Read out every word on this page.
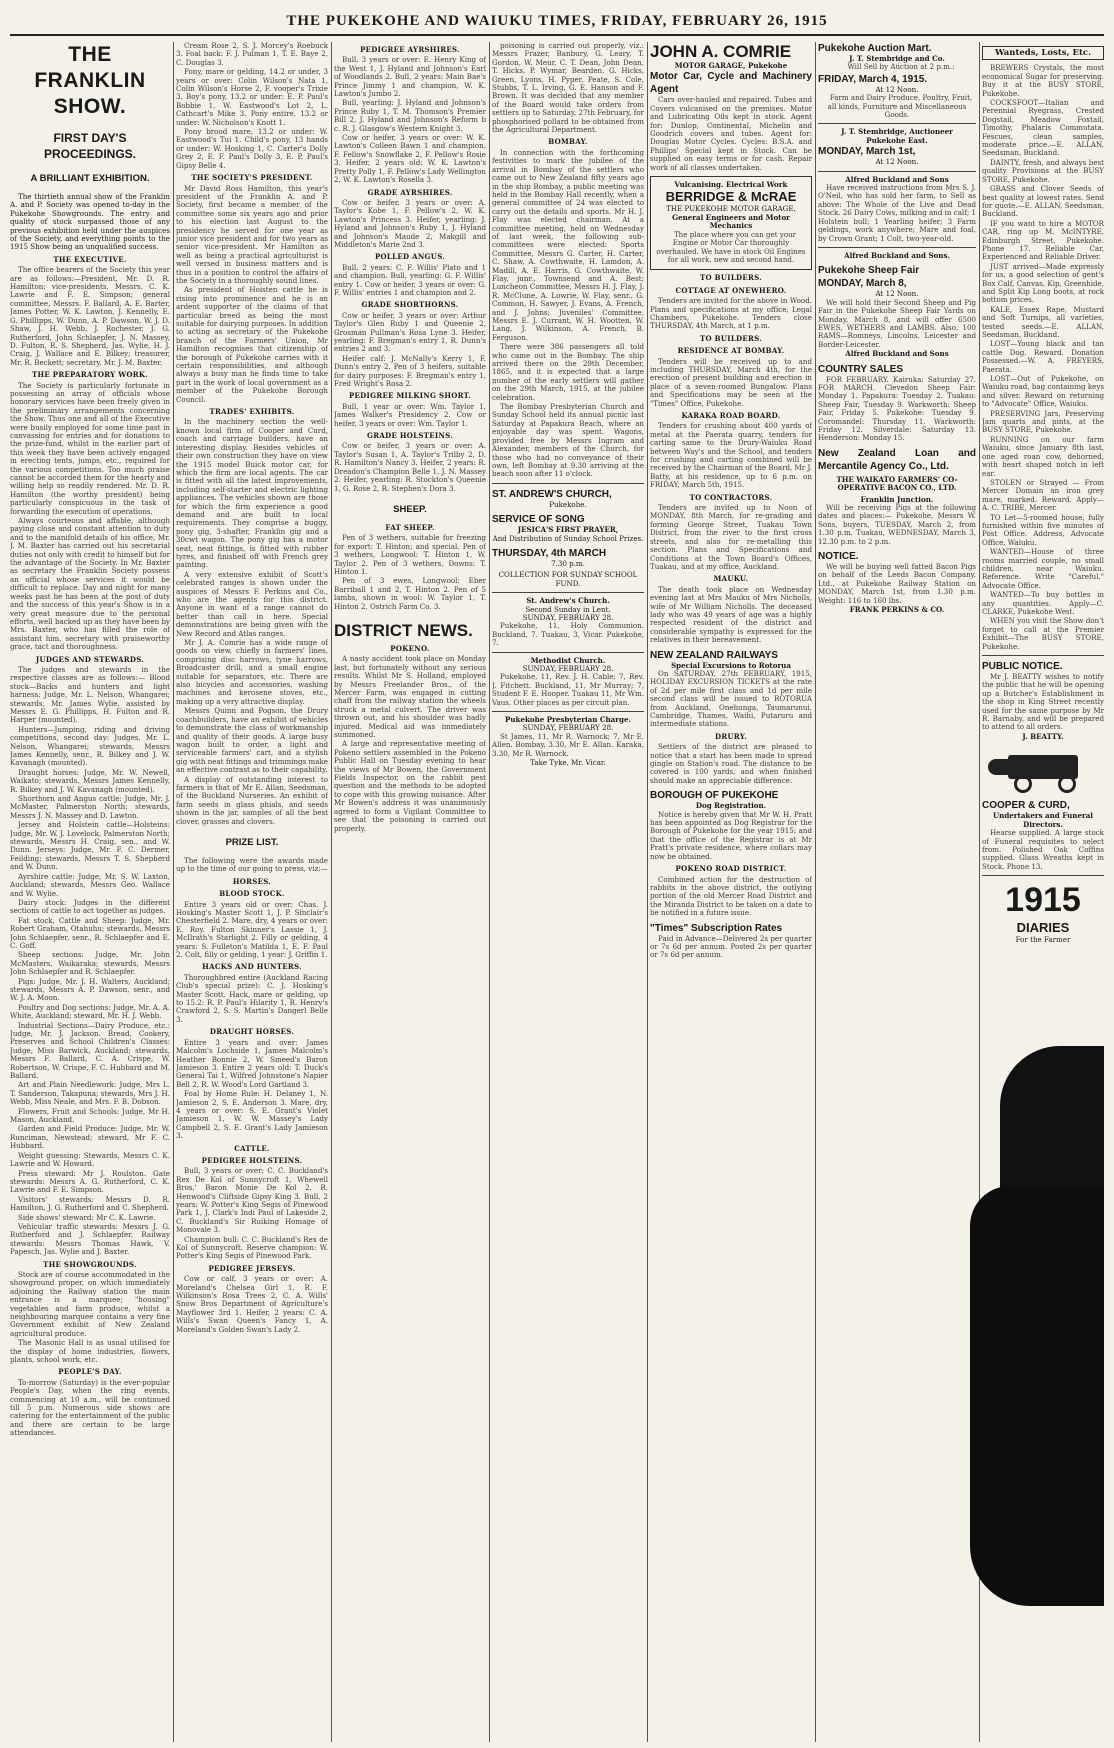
THE PUKEKOHE AND WAIUKU TIMES, FRIDAY, FEBRUARY 26, 1915
THE FRANKLIN SHOW.
FIRST DAY'S PROCEEDINGS.
A BRILLIANT EXHIBITION.

The thirtieth annual show of the Franklin A. and P. Society was opened to-day in the Pukekohe Showgrounds. The entry and quality of stock surpassed those of any previous exhibition held under the auspices of the Society, and everything points to the 1915 Show being an unqualified success.

THE EXECUTIVE.

The office bearers of the Society this year are as follows:—President, Mr. D. R. Hamilton; vice-presidents, Messrs. C. K. Lawrie and F. E. Simpson; general committee, Messrs. F. Ballard, A. E. Barter, James Potter, W. K. Lawton, J. Kennelly, E. G. Phillipps, W. Dunn, A. P. Dawson, W. J. D. Shaw, J. H. Webb, J. Rochester, J. G. Rutherford, John Schlaepfer, J. N. Massey, D. Fulton, R. S. Shepherd, Jas. Wylie, H. J. Craig, J. Wallace and E. Bilkey; treasurer, Mr. R. Beckett; secretary, Mr. J. M. Baxter.

THE PREPARATORY WORK.

The Society is particularly fortunate in possessing an array of officials whose honorary services have been freely given in the preliminary arrangements concerning the Show. Thus one and all of the Executive were busily employed for some time past in canvassing for entries and for donations to the prize-fund, whilst in the earlier part of this week they have been actively engaged in erecting tents, jumps, etc., required for the various competitions. Too much praise cannot be accorded them for the hearty and willing help so readily rendered. Mr. D. R. Hamilton (the worthy president) being particularly conspicuous in the task of forwarding the execution of operations.

Always courteous and affable, although paying close and constant attention to duty and to the manifold details of his office, Mr. J. M. Baxter has carried out his secretarial duties not only with credit to himself but for the advantage of the Society. In Mr. Baxter as secretary the Franklin Society possess an official whose services it would be difficult to replace. Day and night for many weeks past he has been at the post of duty and the success of this year's Show is in a very great measure due to the personal efforts, well backed up as they have been by Mrs. Baxter, who has filled the role of assistant him, secretary with praiseworthy grace, tact and thoroughness.

JUDGES AND STEWARDS.

The judges and stewards in the respective classes are as follows:— Blood stock—Backs and hunters and light harness: Judge, Mr. L. Nelson, Whangarei; stewards, Mr. James Wylie, assisted by Messrs E. G. Phillipps, H. Fulton and R. Harper (mounted).

Hunters—Jumping, riding and driving competitions, second day: Judges, Mr. L. Nelson, Whangarei; stewards, Messrs James Kennelly, senr., R. Bilkey and J. W. Kavanagh (mounted).

Draught horses: Judge, Mr. W. Newell, Waikato; stewards, Messrs James Kennelly, R. Bilkey and J. W. Kavanagh (mounted).

Shorthorn and Angus cattle: Judge, Mr. J. McMaster, Palmerston North; stewards, Messrs J. N. Massey and D. Lawton.

Jersey and Holstein cattle—Holsteins: Judge, Mr. W. J. Lovelock, Palmerston North; stewards, Messrs H. Craig, sen., and W. Dunn. Jerseys: Judge, Mr. F. C. Dermer, Feilding; stewards, Messrs T. S. Shepherd and W. Dunn.

Ayrshire cattle: Judge, Mr. S. W. Laxton, Auckland; stewards, Messrs Geo. Wallace and W. Wylie.

Dairy stock: Judges in the different sections of cattle to act together as judges.

Fat stock, Cattle and Sheep: Judge, Mr. Robert Graham, Otahuhu; stewards, Messrs John Schlaepfer, senr., R. Schlaepfer and E. C. Goff.

Sheep sections: Judge, Mr. John McMasters, Waikaraka; stewards, Messrs John Schlaepfer and R. Schlaepfer.

Pigs: Judge, Mr. J. H. Walters, Auckland; stewards, Messrs A. P. Dawson, senr., and W. J. A. Moon.

Poultry and Dog sections: Judge, Mr. A. A. White, Auckland; steward, Mr. H. J. Webb.

Industrial Sections—Dairy Produce, etc.: Judge, Mr. J. Jackson. Bread, Cookery, Preserves and School Children's Classes: Judge, Miss Barwick, Auckland; stewards, Messrs F. Ballard, C. A. Crispe, W. Robertson, W. Crispe, F. C. Hubbard and M. Ballard.

Art and Plain Needlework: Judge, Mrs L. T. Sanderson, Takapuna; stewards, Mrs J. H. Webb, Miss Neale, and Mrs. F. B. Dobson.

Flowers, Fruit and Schools: Judge, Mr H. Mason, Auckland.

Garden and Field Produce: Judge, Mr. W. Runciman, Newstead; steward, Mr F. C. Hubbard.

Weight guessing: Stewards, Messrs C. K. Lawrie and W. Howard.

Press steward: Mr J. Roulston. Gate stewards: Messrs A. G. Rutherford, C. K. Lawrie and F. E. Simpson.

Visitors' stewards: Messrs D. R. Hamilton, J. G. Rutherford and C. Shepherd.

Side shows' steward: Mr C. K. Lawrie.

Vehicular traffic stewards: Messrs J. G. Rutherford and J. Schlaepfer. Railway stewards: Messrs Thomas Hawk, V. Papesch, Jas. Wylie and J. Baxter.

THE SHOWGROUNDS.

Stock are of course accommodated in the showground proper, on which immediately adjoining the Railway station the main entrance is a marquee; "housing" vegetables and farm produce, whilst a neighbouring marquee contains a very fine Government exhibit of New Zealand agricultural produce.

The Masonic Hall is as usual utilised for the display of home industries, flowers, plants, school work, etc.

PEOPLE'S DAY.

To-morrow (Saturday) is the ever-popular People's Day, when the ring events, commencing at 10 a.m., will be continued till 5 p.m. Numerous side shows are catering for the entertainment of the public and there are certain to be large attendances.

Cream Rose 2, S. J. Morcey's Roebuck 3. Foal back: F. J. Pulman 1, T. E. Baye 2, C. Douglas 3.

Pony, mare or gelding, 14.2 or under, 3 years or over: Colin Wilson's Nata 1, Colin Wilson's Horse 2, F. vooper's Trixie 3. Boy's pony, 13.2 or under: E. P. Paul's Bobbie 1, W. Eastwood's Lot 2, L. Cathcart's Mike 3. Pony entire, 13.2 or under: W. Nicholson's Knott 1.

Pony brood mare, 13.2 or under: W. Eastwood's Tui 1. Child's pony, 13 hands or under: W. Hosking 1, C. Carter's Dolly Grey 2, E. F. Paul's Dolly 3, E. P. Paul's Gipsy Belle 4.

THE SOCIETY'S PRESIDENT.

Mr David Ross Hamilton, this year's president of the Franklin A. and P. Society, first became a member of the committee some six years ago and prior to his election last August to the presidency he served for one year as junior vice president and for two years as senior vice-president. Mr Hamilton as well as being a practical agriculturist is well versed in business matters and is thus in a position to control the affairs of the Society in a thoroughly sound lines.

As president of Hoisten cattle he is rising into prominence and he is an ardent supporter of the claims of that particular breed as being the most suitable for dairying purposes. In addition to acting as secretary of the Pukekohe branch of the Farmers' Union, Mr Hamilton recognises that citizenship of the borough of Pukekohe carries with it certain responsibilities, and although always a busy man he finds time to take part in the work of local government as a member of the Pukekohe Borough Council.

TRADES' EXHIBITS.

In the machinery section the well-known local firm of Cooper and Curd, coach and carriage builders, have an interesting display. Besides vehicles of their own construction they have on view the 1915 model Buick motor car, for which the firm are local agents. The car is fitted with all the latest improvements, including self-starter and electric lighting appliances. The vehicles shown are those for which the firm experience a good demand and are built to local requirements. They comprise a buggy, pony gig, 3-shafter, Franklin gig and a 30cwt wagon. The pony gig has a motor seat, neat fittings, is fitted with rubber tyres, and finished off with French grey painting.

A very extensive exhibit of Scott's celebrated ranges is shown under the auspices of Messrs F. Perkins and Co., who are the agents for this district. Anyone in want of a range cannot do better than call in here. Special demonstrations are being given with the New Record and Atlas ranges.

Mr J. A. Comrie has a wide range of goods on view, chiefly in farmers' lines, comprising disc harrows, tyne harrows, Broadcaster drill, and a small engine suitable for separators, etc. There are also bicycles and accessories, washing machines and kerosene stoves, etc., making up a very attractive display.

Messrs Quinn and Pogson, the Drury coachbuilders, have an exhibit of vehicles to demonstrate the class of workmanship and quality of their goods. A large busy wagon built to order, a light and serviceable farmers' cart, and a stylish gig with neat fittings and trimmings make an effective contrast as to their capability.

A display of outstanding interest to farmers is that of Mr E. Allan, Seedsman, of the Buckland Nurseries. An exhibit of farm seeds in glass phials, and seeds shown in the jar, samples of all the best clover, grasses and clovers.

PRIZE LIST.

The following were the awards made up to the time of our going to press, viz:—

HORSES.
BLOOD STOCK.

Entire 3 years old or over: Chas. J. Hosking's Master Scott 1, J. P. Sinclair's Chesterfield 2. Mare, dry, 4 years or over: E. Roy. Fulton Skinner's Lassie 1, J. McIlrath's Starlight 2. Filly or gelding, 4 years: S. Fulleton's Matilda 1, E. F. Paul 2. Colt, filly or gelding, 1 year: J. Griffin 1.

HACKS AND HUNTERS.

Thoroughbred entire (Auckland Racing Club's special prize): C. J. Hosking's Master Scott. Hack, mare or gelding, up to 15.2: R. P. Paul's Hilarity 1, R. Henry's Crawford 2, S. S. Martin's Dangerl Belle 3.

DRAUGHT HORSES.

Entire 3 years and over: James Malcolm's Lochside 1, James Malcolm's Heather Bonnie 2, W. Smeed's Baron Jamieson 3. Entire 2 years old: T. Duck's General Tai 1, Wilfred Johnstone's Napier Bell 2, R. W. Wood's Lord Gartland 3.

Foal by Home Rule: H. Delaney 1, N. Jamieson 2, S. E. Anderson 3. Mare, dry, 4 years or over: S. E. Grant's Violet Jamieson 1, W. W. Massey's Lady Campbell 2, S. E. Grant's Lady Jamieson 3.

CATTLE.
PEDIGREE HOLSTEINS.

Bull, 3 years or over: C. C. Buckland's Rex De Kol of Sunnycroft 1, Whewell Bros.' Baron Monie De Kol 2. R. Henwood's Cliftside Gipsy King 3. Bull, 2 years: W. Potter's King Segis of Pinewood Park 1, J. Clark's Indi Paul of Lakeside 2, C. Buckland's Sir Ruiking Homage of Monovale 3.

Champion bull: C. C. Buckland's Rex de Kol of Sunnycroft. Reserve champion: W. Potter's King Segis of Pinewood Park.

PEDIGREE JERSEYS.

Cow or calf, 3 years or over: A. Moreland's Chelsea Girl 1, R. F. Wilkinson's Rosa Trees 2, C. A. Wills' Snow Bros Department of Agriculture's Mayflower 3rd 1. Heifer, 2 years: C. A. Wills's Swan Queen's Fancy 1, A. Moreland's Golden Swan's Lady 2.

PEDIGREE AYRSHIRES.

Bull, 3 years or over: E. Henry King of the West 1, J. Hyland and Johnson's Earl of Woodlands 2. Bull, 2 years: Main Bae's Prince Jimmy 1 and champion, W. K. Lawton's Jumbo 2.

Bull, yearling: J. Hyland and Johnson's Prince Ruby 1, T. M. Thomson's Premier Bill 2, J. Hyland and Johnson's Reform b c. R. J. Glasgow's Western Knight 3.

Cow or heifer, 3 years or over: W. K. Lawton's Colleen Bawn 1 and champion, F. Fellow's Snowflake 2, F. Pellow's Rosie 3. Heifer, 2 years old: W. K. Lawton's Pretty Polly 1, F. Pellow's Lady Wellington 2, W. K. Lawton's Rosella 3.

GRADE AYRSHIRES.

Cow or heifer, 3 years or over: A. Taylor's Kobe 1, F. Pellow's 2, W. K. Lawton's Princess 3. Heifer, yearling: J. Hyland and Johnson's Ruby 1, J. Hyland and Johnson's Maude 2, Makgill and Middleton's Marie 2nd 3.

POLLED ANGUS.

Bull, 2 years: C. F. Willis' Plato and 1 and champion. Bull, yearling: G. F. Willis' entry 1. Cow or heifer, 3 years or over: G. F. Willis' entries 1 and champion and 2.

GRADE SHORTHORNS.

Cow or heifer, 3 years or over: Arthur Taylor's Glen Ruby 1 and Queenie 2, Grosman Pullman's Rosa Lyne 3. Heifer, yearling: F. Bregman's entry 1, R. Dunn's entries 2 and 3.

Heifer calf: J. McNally's Kerry 1, F. Dunn's entry 2. Pen of 3 heifers, suitable for dairy purposes: F. Bregman's entry 1, Fred Wright's Rosa 2.

PEDIGREE MILKING SHORT.

Bull, 1 year or over: Wm. Taylor 1, James Walker's Presidency 2. Cow or heifer, 3 years or over: Wm. Taylor 1.

GRADE HOLSTEINS.

Cow or heifer, 3 years or over: A. Taylor's Susan 1, A. Taylor's Trilby 2, D. R. Hamilton's Nancy 3. Heifer, 2 years: R. Dreadon's Champion Belle 1, J. N. Massey 2. Heifer, yearling: R. Stockton's Queenie 1, G. Rose 2, R. Stephen's Dora 3.

SHEEP.
FAT SHEEP.

Pen of 3 wethers, suitable for freezing for export: T. Hinton; and special. Pen of 3 wethers, Longwool: T. Hinton 1, W. Taylor 2. Pen of 3 wethers, Downs: T. Hinton 1.

Pen of 3 ewes, Longwool: Eber Barriball 1 and 2, T. Hinton 2. Pen of 5 lambs, shown in wool: W. Taylor 1, T. Hinton 2, Ostrich Farm Co. 3.

DISTRICT NEWS.
POKENO.

A nasty accident took place on Monday last, but fortunately without any serious results. Whilst Mr S. Holland, employed by Messrs Freelander Bros., of the Mercer Farm, was engaged in cutting chaff from the railway station the wheels struck a metal culvert. The driver was thrown out, and his shoulder was badly injured. Medical aid was immediately summoned.

A large and representative meeting of Pokeno settlers assembled in the Pokeno Public Hall on Tuesday evening to hear the views of Mr Bowen, the Government Fields Inspector, on the rabbit pest question and the methods to be adopted to cope with this growing nuisance. After Mr Bowen's address it was unanimously agreed to form a Vigilant Committee to see that the poisoning is carried out properly.

poisoning is carried out properly, viz.: Messrs Frazer, Banbury, G. Leary, T. Gordon, W. Meur, C. T. Dean, John Dean, T. Hicks, P. Wymar, Bearden, G. Hicks, Green, Lyons, H. Pyper, Peate, S. Cole, Stubbs, T. L. Irving, G. E. Hanson and F. Brown. It was decided that any member of the Board would take orders from settlers up to Saturday, 27th February, for phosphorised pollard to be obtained from the Agricultural Department.

BOMBAY.

In connection with the forthcoming festivities to mark the jubilee of the arrival in Bombay of the settlers who came out to New Zealand fifty years ago in the ship Bombay, a public meeting was held in the Bombay Hall recently, when a general committee of 24 was elected to carry out the details and sports. Mr H. J. Flay was elected chairman. At a committee meeting, held on Wednesday of last week, the following sub-committees were elected: Sports Committee, Messrs G. Carter, H. Carter, C. Shaw, A. Cowthwaite, H. Lamdon, A. Madill, A. E. Harris, G. Cowthwaite, W. Flay, junr., Townsend and A. Best; Luncheon Committee, Messrs H. J. Flay, J. R. McClune, A. Lowrie, W. Flay, senr., G. Common, H. Sawyer, J. Evans, A. French, and J. Johns; Juveniles' Committee, Messrs E. J. Currant, W. H. Wootten, W. Lang, J. Wilkinson, A. French, B. Ferguson.

There were 386 passengers all told who came out in the Bombay. The ship arrived there on the 29th December, 1865, and it is expected that a large number of the early settlers will gather on the 29th March, 1915, at the jubilee celebration.

The Bombay Presbyterian Church and Sunday School held its annual picnic last Saturday at Papakura Beach, where an enjoyable day was spent. Wagons, provided free by Messrs Ingram and Alexander, members of the Church, for those who had no conveyance of their own, left Bombay at 9.30 arriving at the beach soon after 11 o'clock.

ST. ANDREW'S CHURCH,
Pukekohe.
SERVICE OF SONG
JESICA'S FIRST PRAYER,
And Distribution of Sunday School Prizes.
THURSDAY, 4th MARCH
7.30 p.m.
COLLECTION FOR SUNDAY SCHOOL FUND.
St. Andrew's Church.
Second Sunday in Lent.
SUNDAY, FEBRUARY 28.

Pukekohe, 11, Holy Communion. Buckland, 7. Tuakau, 3, Vicar. Pukekohe, 7.

Methodist Church.
SUNDAY, FEBRUARY 28.

Pukekohe, 11, Rev. J. H. Cable; 7, Rev. J. Fitchett. Buckland, 11, Mr Murray; 7, Student F. E. Hooper. Tuakau 11, Mr Wm. Vaus. Other places as per circuit plan.

Pukekohe Presbyterian Charge.
SUNDAY, FEBRUARY 28.

St James, 11, Mr R. Warnock; 7, Mr E. Allen. Bombay, 3.30, Mr E. Allan. Karaka, 3.30, Mr R. Warnock.

Take Tyke, Mr. Vicar.
JOHN A. COMRIE
MOTOR GARAGE, Pukekohe
Motor Car, Cycle and Machinery Agent

Cars over-hauled and repaired. Tubes and Covers vulcanised on the premises. Motor and Lubricating Oils kept in stock. Agent for: Dunlop, Continental, Michelin and Goodrich covers and tubes. Agent for: Douglas Motor Cycles. Cycles: B.S.A. and Phillips' Special kept in Stock. Can be supplied on easy terms or for cash. Repair work of all classes undertaken.

Vulcanising. Electrical Work
BERRIDGE & McRAE
THE PUKEKOHE MOTOR GARAGE,
General Engineers and Motor Mechanics

The place where you can get your Engine or Motor Car thoroughly overhauled. We have in stock Oil Engines for all work, new and second hand.

TO BUILDERS.
COTTAGE AT ONEWHERO.

Tenders are invited for the above in Wood. Plans and specifications at my office, Legal Chambers, Pukekohe. Tenders close THURSDAY, 4th March, at 1 p.m.

TO BUILDERS.
RESIDENCE AT BOMBAY.

Tenders will be received up to and including THURSDAY, March 4th, for the erection of present building and erection in place of a seven-roomed Bungalow. Plans and Specifications may be seen at the "Times" Office, Pukekohe.

KARAKA ROAD BOARD.

Tenders for crushing about 400 yards of metal at the Paerata quarry, tenders for carting same to the Drury-Waiuku Road between Way's and the School, and tenders for crushing and carting combined will be received by the Chairman of the Board, Mr J. Batty, at his residence, up to 6 p.m. on FRIDAY, March 5th, 1915.

TO CONTRACTORS.

Tenders are invited up to Noon of MONDAY, 8th March, for re-grading and forming George Street, Tuakau Town District, from the river to the first cross streets, and also for re-metalling this section. Plans and Specifications and Conditions at the Town Board's Offices, Tuakau, and at my office, Auckland.

MAUKU.

The death took place on Wednesday evening last at Mrs Mauku of Mrs Nicholls, wife of Mr William Nicholls. The deceased lady who was 49 years of age was a highly respected resident of the district and considerable sympathy is expressed for the relatives in their bereavement.

NEW ZEALAND RAILWAYS
Special Excursions to Rotorua

On SATURDAY, 27th FEBRUARY, 1915, HOLIDAY EXCURSION TICKETS at the rate of 2d per mile first class and 1d per mile second class will be issued to ROTORUA from Auckland, Onehunga, Taumarunui, Cambridge, Thames, Waihi, Putaruru and intermediate stations.

DRURY.

Settlers of the district are pleased to notice that a start has been made to spread gingle on Station's road. The distance to be covered is 100 yards, and when finished should make an appreciable difference.

BOROUGH OF PUKEKOHE
Dog Registration.

Notice is hereby given that Mr W. H. Pratt has been appointed as Dog Registrar for the Borough of Pukekohe for the year 1915; and that the office of the Registrar is at Mr Pratt's private residence, where collars may now be obtained.

POKENO ROAD DISTRICT.

Combined action for the destruction of rabbits in the above district, the outlying portion of the old Mercer Road District and the Miranda District to be taken on a date to be notified in a future issue.

"Times" Subscription Rates

Paid in Advance—Delivered 2s per quarter or 7s 6d per annum. Posted 2s per quarter or 7s 6d per annum.

Pukekohe Auction Mart.
J. T. Stembridge and Co.

Will Sell by Auction at 2 p.m.:

FRIDAY, March 4, 1915.
At 12 Noon.

Farm and Dairy Produce, Poultry, Fruit, all kinds, Furniture and Miscellaneous Goods.

J. T. Stembridge, Auctioneer
Pukekohe East.
MONDAY, March 1st,
At 12 Noon.
Alfred Buckland and Sons

Have received instructions from Mrs S. J. O'Neil, who has sold her farm, to Sell as above: The Whole of the Live and Dead Stock. 26 Dairy Cows, milking and in calf; 1 Holstein bull; 1 Yearling heifer; 3 Farm geldings, work anywhere; Mare and foal, by Crown Grant; 1 Colt, two-year-old.

Alfred Buckland and Sons.
Pukekohe Sheep Fair
MONDAY, March 8,
At 12 Noon.

We will hold their Second Sheep and Pig Fair in the Pukekohe Sheep Fair Yards on Monday, March 8, and will offer 6500 EWES, WETHERS and LAMBS. Also, 100 RAMS—Romneys, Lincolns, Leicester and Border-Leicester.

Alfred Buckland and Sons
COUNTRY SALES

FOR FEBRUARY. Kairuka: Saturday 27. FOR MARCH. Clevedon Sheep Fair: Monday 1. Papakura: Tuesday 2. Tuakau: Sheep Fair, Tuesday 9. Warkworth: Sheep Fair, Friday 5. Pukekohe: Tuesday 9. Coromandel: Thursday 11. Warkworth: Friday 12. Silverdale: Saturday 13. Henderson: Monday 15.

New Zealand Loan and Mercantile Agency Co., Ltd.
THE WAIKATO FARMERS' CO-OPERATIVE BACON CO., LTD.
Franklin Junction.

Will be receiving Pigs at the following dates and places:— Pukekohe, Messrs W. Sons, buyers, TUESDAY, March 2, from 1.30 p.m. Tuakau, WEDNESDAY, March 3, 12.30 p.m. to 2 p.m.

NOTICE.

We will be buying well fatted Bacon Pigs on behalf of the Leeds Bacon Company, Ltd., at Pukekohe Railway Station on MONDAY, March 1st, from 1.30 p.m. Weight: 116 to 160 lbs.

FRANK PERKINS & CO.
Wanteds, Losts, Etc.

BREWERS Crystals, the most economical Sugar for preserving. Buy it at the BUSY STORE, Pukekohe.

COCKSFOOT—Italian and Perennial Ryegrass, Crested Dogstail, Meadow Foxtail, Timothy, Phalaris Commutata. Fescues, clean samples, moderate price.—E. ALLAN, Seedsman, Buckland.

DAINTY, fresh, and always best quality Provisions at the BUSY STORE, Pukekohe.

GRASS and Clover Seeds of best quality at lowest rates. Send for quote.—E. ALLAN, Seedsman, Buckland.

IF you want to hire a MOTOR CAR, ring up M. McINTYRE, Edinburgh Street, Pukekohe. Phone 17. Reliable Car, Experienced and Reliable Driver.

JUST arrived—Made expressly for us, a good selection of gent's Box Calf, Canvas, Kip, Greenhide, and Split Kip Long boots, at rock bottom prices.

KALE, Essex Rape, Mustard and Soft Turnips, all varieties, tested seeds.—E. ALLAN, Seedsman, Buckland.

LOST—Young black and tan cattle Dog. Reward. Donation Possessed.—W. A. FREYERS, Paerata.

LOST—Out of Pukekohe, on Waiuku road, bag containing keys and silver. Reward on returning to "Advocate" Office, Waiuku.

PRESERVING Jars, Preserving Jam quarts and pints, at the BUSY STORE, Pukekohe.

RUNNING on our farm Waiuku, since January 8th last, one aged roan cow, dehorned, with heart shaped notch in left ear.

STOLEN or Strayed — From Mercer Domain an iron grey mare, marked. Reward. Apply—A. C. TRIBE, Mercer.

TO Let—5-roomed house, fully furnished within five minutes of Post Office. Address, Advocate Office, Waiuku.

WANTED—House of three rooms married couple, no small children, near Waiuku. Reference. Write "Careful," Advocate Office.

WANTED—To buy bottles in any quantities. Apply—C. CLARKE, Pukekohe West.

WHEN you visit the Show don't forget to call at the Premier Exhibit—The BUSY STORE, Pukekohe.

PUBLIC NOTICE.

Mr J. BEATTY wishes to notify the public that he will be opening up a Butcher's Establishment in the shop in King Street recently used for the same purpose by Mr R. Barnaby, and will be prepared to attend to all orders.

J. BEATTY.
COOPER & CURD,
Undertakers and Funeral Directors.

Hearse supplied. A large stock of Funeral requisites to select from. Polished Oak Coffins supplied. Glass Wreaths kept in Stock. Phone 13.

1915
DIARIES
For the Farmer
